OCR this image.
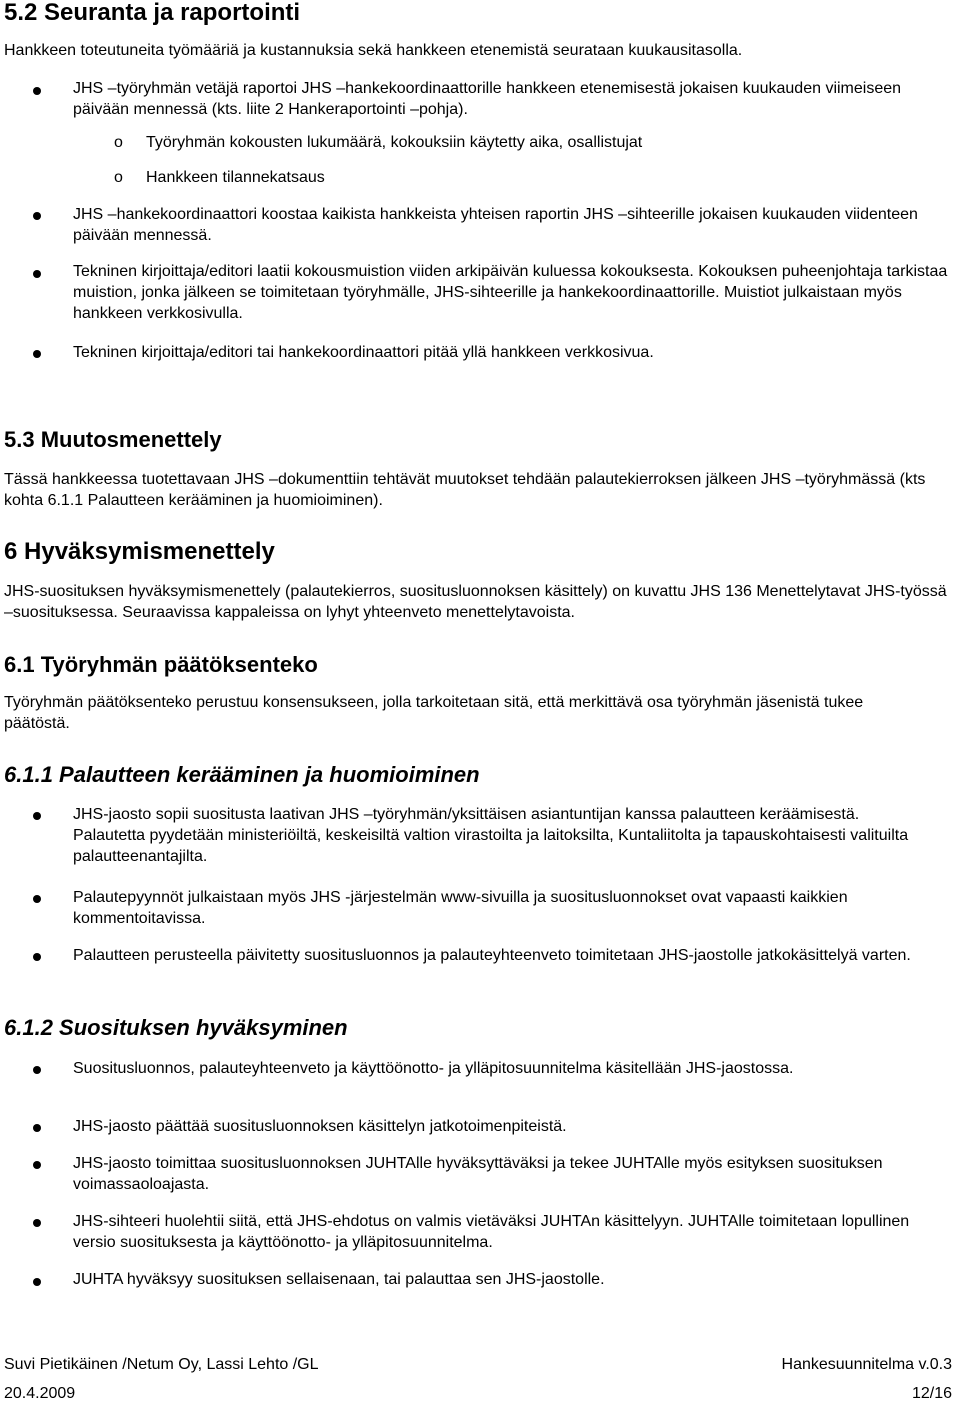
5.2 Seuranta ja raportointi

Hankkeen toteutuneita työmääriä ja kustannuksia sekä hankkeen etenemistä seurataan kuukausitasolla.

JHS –työryhmän vetäjä raportoi JHS –hankekoordinaattorille hankkeen etenemisestä jokaisen kuukauden viimeiseen päivään mennessä (kts. liite 2 Hankeraportointi –pohja).

o Työryhmän kokousten lukumäärä, kokouksiin käytetty aika, osallistujat

o Hankkeen tilannekatsaus

JHS –hankekoordinaattori koostaa kaikista hankkeista yhteisen raportin JHS –sihteerille jokaisen kuukauden viidenteen päivään mennessä.

Tekninen kirjoittaja/editori laatii kokousmuistion viiden arkipäivän kuluessa kokouksesta. Kokouksen puheenjohtaja tarkistaa muistion, jonka jälkeen se toimitetaan työryhmälle, JHS-sihteerille ja hankekoordinaattorille. Muistiot julkaistaan myös hankkeen verkkosivulla.

Tekninen kirjoittaja/editori tai hankekoordinaattori pitää yllä hankkeen verkkosivua.

5.3 Muutosmenettely

Tässä hankkeessa tuotettavaan JHS –dokumenttiin tehtävät muutokset tehdään palautekierroksen jälkeen JHS –työryhmässä (kts kohta 6.1.1 Palautteen kerääminen ja huomioiminen).

6 Hyväksymismenettely

JHS-suosituksen hyväksymismenettely (palautekierros, suositusluonnoksen käsittely) on kuvattu JHS 136 Menettelytavat JHS-työssä –suosituksessa. Seuraavissa kappaleissa on lyhyt yhteenveto menettelytavoista.

6.1 Työryhmän päätöksenteko

Työryhmän päätöksenteko perustuu konsensukseen, jolla tarkoitetaan sitä, että merkittävä osa työryhmän jäsenistä tukee päätöstä.

6.1.1 Palautteen kerääminen ja huomioiminen

JHS-jaosto sopii suositusta laativan JHS –työryhmän/yksittäisen asiantuntijan kanssa palautteen keräämisestä. Palautetta pyydetään ministeriöiltä, keskeisiltä valtion virastoilta ja laitoksilta, Kuntaliitolta ja tapauskohtaisesti valituilta palautteenantajilta.

Palautepyynnöt julkaistaan myös JHS -järjestelmän www-sivuilla ja suositusluonnokset ovat vapaasti kaikkien kommentoitavissa.

Palautteen perusteella päivitetty suositusluonnos ja palauteyhteenveto toimitetaan JHS-jaostolle jatkokäsittelyä varten.

6.1.2 Suosituksen hyväksyminen

Suositusluonnos, palauteyhteenveto ja käyttöönotto- ja ylläpitosuunnitelma käsitellään JHS-jaostossa.

JHS-jaosto päättää suositusluonnoksen käsittelyn jatkotoimenpiteistä.

JHS-jaosto toimittaa suositusluonnoksen JUHTAlle hyväksyttäväksi ja tekee JUHTAlle myös esityksen suosituksen voimassaoloajasta.

JHS-sihteeri huolehtii siitä, että JHS-ehdotus on valmis vietäväksi JUHTAn käsittelyyn. JUHTAlle toimitetaan lopullinen versio suosituksesta ja käyttöönotto- ja ylläpitosuunnitelma.

JUHTA hyväksyy suosituksen sellaisenaan, tai palauttaa sen JHS-jaostolle.

Suvi Pietikäinen /Netum Oy, Lassi Lehto /GL	Hankesuunnitelma v.0.3
20.4.2009	12/16
